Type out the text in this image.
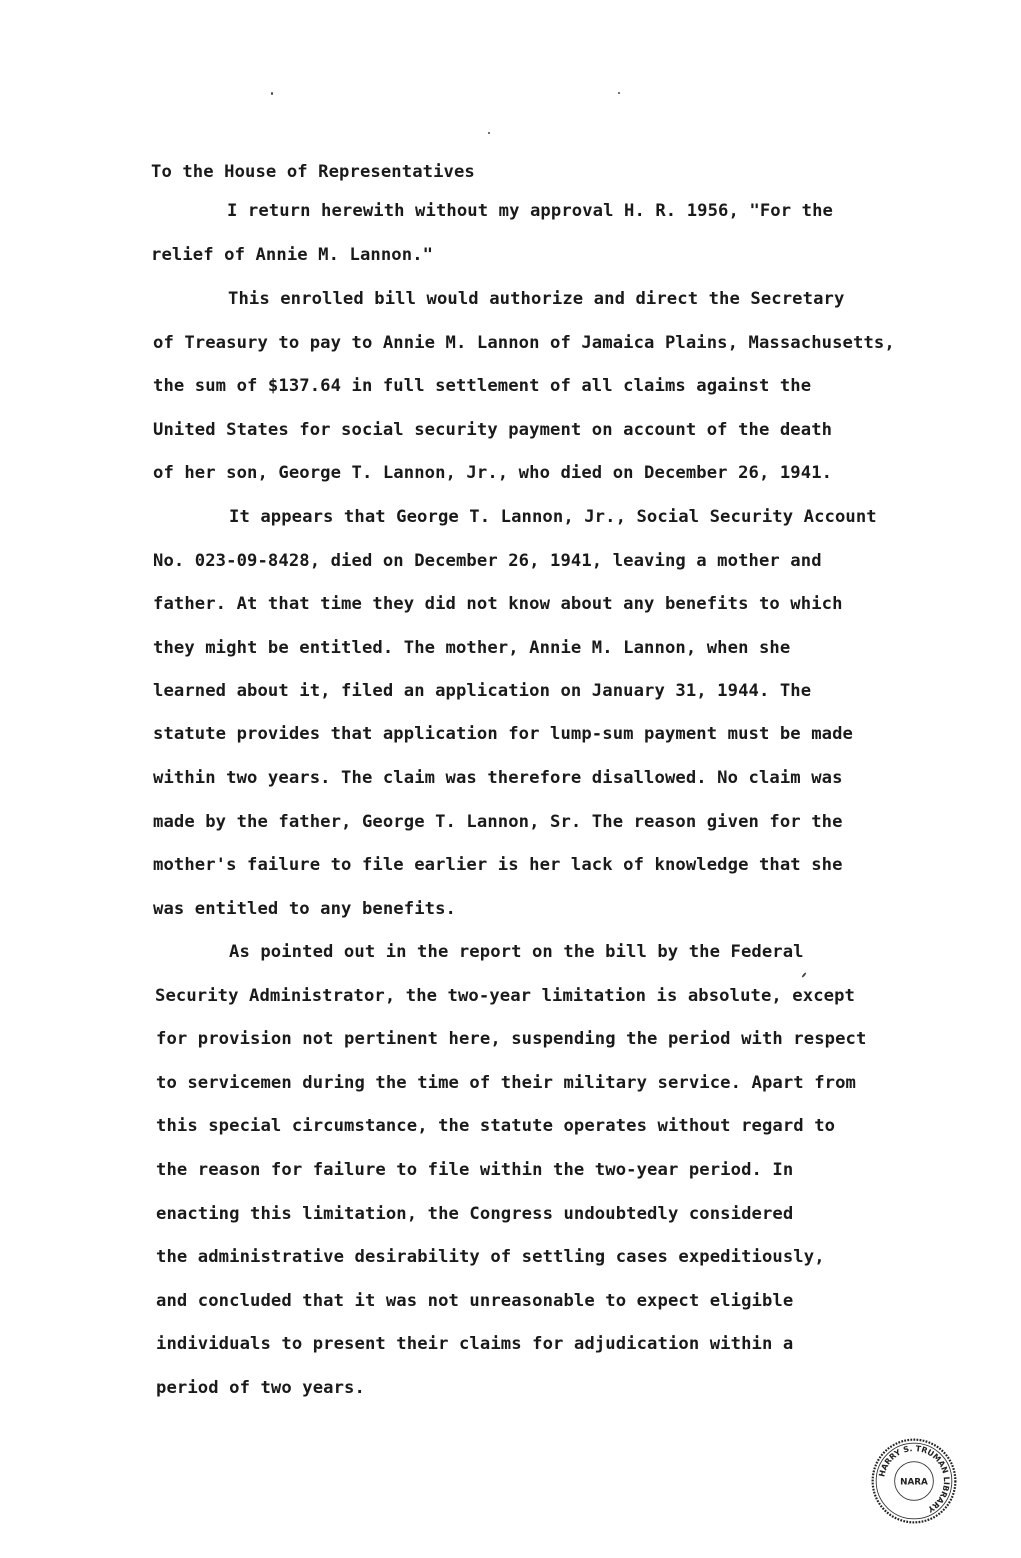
To the House of Representatives
I return herewith without my approval H. R. 1956, "For the
relief of Annie M. Lannon."
This enrolled bill would authorize and direct the Secretary
of Treasury to pay to Annie M. Lannon of Jamaica Plains, Massachusetts,
the sum of $137.64 in full settlement of all claims against the
United States for social security payment on account of the death
of her son, George T. Lannon, Jr., who died on December 26, 1941.
It appears that George T. Lannon, Jr., Social Security Account
No. 023-09-8428, died on December 26, 1941, leaving a mother and
father. At that time they did not know about any benefits to which
they might be entitled. The mother, Annie M. Lannon, when she
learned about it, filed an application on January 31, 1944. The
statute provides that application for lump-sum payment must be made
within two years. The claim was therefore disallowed. No claim was
made by the father, George T. Lannon, Sr. The reason given for the
mother's failure to file earlier is her lack of knowledge that she
was entitled to any benefits.
As pointed out in the report on the bill by the Federal
Security Administrator, the two-year limitation is absolute, except
for provision not pertinent here, suspending the period with respect
to servicemen during the time of their military service. Apart from
this special circumstance, the statute operates without regard to
the reason for failure to file within the two-year period. In
enacting this limitation, the Congress undoubtedly considered
the administrative desirability of settling cases expeditiously,
and concluded that it was not unreasonable to expect eligible
individuals to present their claims for adjudication within a
period of two years.
HARRY S. TRUMAN LIBRARY
NARA
